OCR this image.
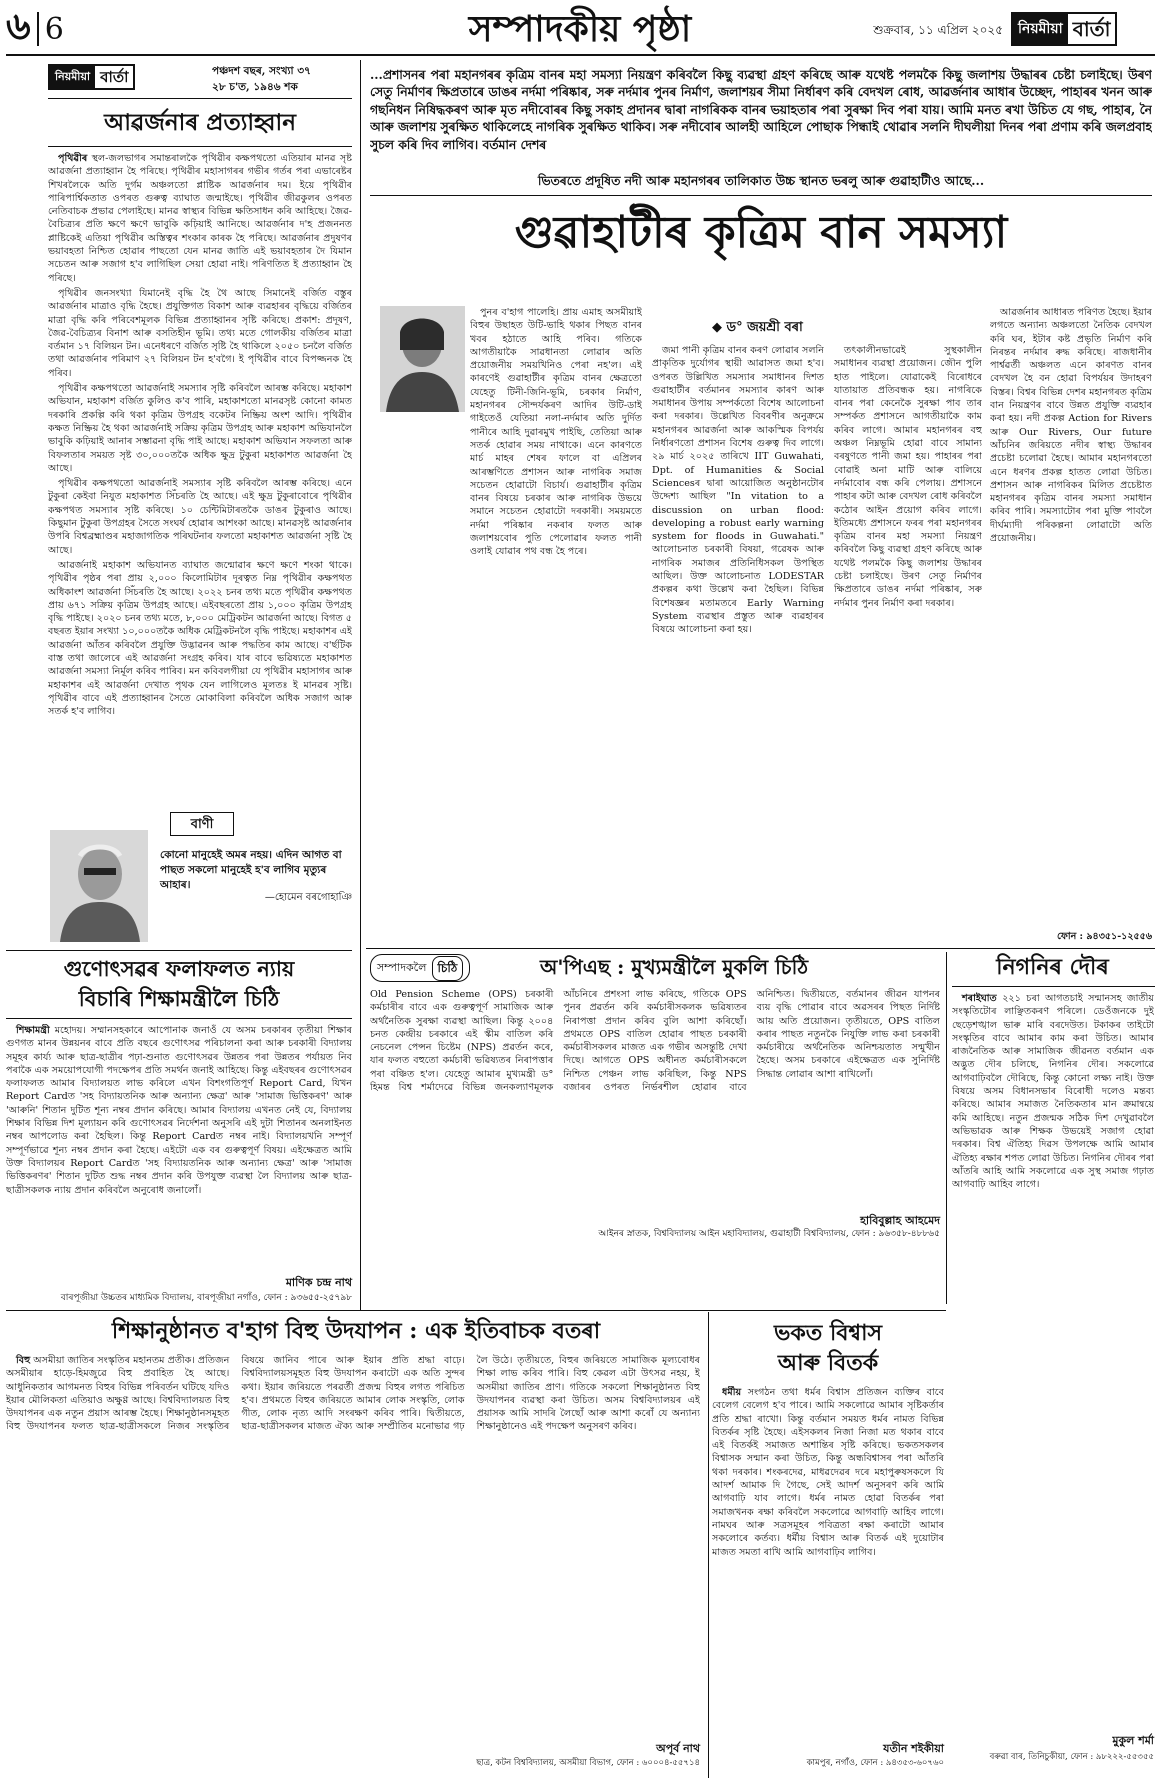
৬ 6	সম্পাদকীয় পৃষ্ঠা	শুক্ৰবাৰ, ১১ এপ্ৰিল ২০২৫	নিয়মীয়া বাৰ্তা
নিয়মীয়া বাৰ্তা	পঞ্চদশ বছৰ, সংখ্যা ৩৭
২৮ চ'ত, ১৯৪৬ শক
আৱৰ্জনাৰ প্ৰত্যাহ্বান

পৃথিৱীৰ স্থল-জলভাগৰ সমান্তৰালকৈ পৃথিৱীৰ কক্ষপথতো এতিয়াৰ মানৱ সৃষ্ট আৱৰ্জনা প্ৰত্যাহ্বান হৈ পৰিছে। পৃথিৱীৰ মহাসাগৰৰ গভীৰ গৰ্তৰ পৰা এভাৰেষ্টৰ শিখৰলৈকে অতি দুৰ্গম অঞ্চলতো প্লাষ্টিক আৱৰ্জনাৰ দম। ইয়ে পৃথিৱীৰ পাৰিপাৰ্শ্বিকতাত ওপৰত গুৰুত্ব ব্যাঘাত জন্মাইছে। পৃথিৱীৰ জীৱকুলৰ ওপৰত নেতিবাচক প্ৰভাৱ পেলাইছে। মানৱ স্বাস্থ্যৰ বিভিন্ন ক্ষতিসাধন কৰি আহিছে। জৈৱ-বৈচিত্ৰ্যৰ প্ৰতি ক্ষণে ক্ষণে ভাবুকি কঢ়িয়াই আনিছে। আৱৰ্জনাৰ দ'হ প্ৰজননত প্লাষ্টিকেই এতিয়া পৃথিৱীৰ অস্তিত্বৰ শংকাৰ কাৰক হৈ পৰিছে। আৱৰ্জনাৰ প্ৰদুষণৰ ভয়াবহতা নিশ্চিত হোৱাৰ পাছতো যেন মানৱ জাতি এই ভয়াবহতাৰ দৈ যিমান সচেতন আৰু সজাগ হ'ব লাগিছিল সেয়া হোৱা নাই। পৰিণতিত ই প্ৰত্যাহ্বান হৈ পৰিছে।

পৃথিৱীৰ জনসংখ্যা যিমানেই বৃদ্ধি হৈ থৈ আছে সিমানেই বৰ্জিত বস্তুৰ আৱৰ্জনাৰ মাত্ৰাও বৃদ্ধি হৈছে। প্ৰযুক্তিগত বিকাশ আৰু ব্যৱহাৰৰ বৃদ্ধিয়ে বৰ্জিতৰ মাত্ৰা বৃদ্ধি কৰি পৰিবেশমূলক বিভিন্ন প্ৰত্যাহ্বানৰ সৃষ্টি কৰিছে। প্ৰকাশ: প্ৰদূষণ, জৈৱ-বৈচিত্ৰ্যৰ বিনাশ আৰু বসতিহীন ভূমি। তথ্য মতে গোলকীয় বৰ্জিতৰ মাত্ৰা বৰ্তমান ১৭ বিলিয়ন টন। এনেধৰণে বৰ্জিত সৃষ্টি হৈ থাকিলে ২০৫০ চনলৈ বৰ্জিত তথা আৱৰ্জনাৰ পৰিমাণ ২৭ বিলিয়ন টন হ'বগৈ। ই পৃথিৱীৰ বাবে বিপজ্জনক হৈ পৰিব।

পৃথিৱীৰ কক্ষপথতো আৱৰ্জনাই সমস্যাৰ সৃষ্টি কৰিবলৈ আৰম্ভ কৰিছে। মহাকাশ অভিযান, মহাকাশ বৰ্জিত কুলিও ক'ব পাৰি, মহাকাশতো মানৱসৃষ্ট কোনো কামত দৰকাৰি প্ৰকল্পি কৰি থকা কৃত্ৰিম উপগ্ৰহ বকেটৰ নিষ্ক্ৰিয় অংশ আদি। পৃথিৱীৰ কক্ষত নিষ্ক্ৰিয় হৈ থকা আৱৰ্জনাই সক্ৰিয় কৃত্ৰিম উপগ্ৰহ আৰু মহাকাশ অভিযানলৈ ভাবুকি কঢ়িয়াই আনাৰ সম্ভাৱনা বৃদ্ধি পাই আছে। মহাকাশ অভিযান সফলতা আৰু বিফলতাৰ সময়ত সৃষ্ট ৩০,০০০তকৈ অধিক ক্ষুদ্ৰ টুকুৰা মহাকাশত আৱৰ্জনা হৈ আছে।

পৃথিৱীৰ কক্ষপথতো আৱৰ্জনাই সমস্যাৰ সৃষ্টি কৰিবলৈ আৰম্ভ কৰিছে। এনে টুকুৰা কেইবা নিযুত মহাকাশত সিঁচৰতি হৈ আছে। এই ক্ষুদ্ৰ টুকুৰাবোৰে পৃথিৱীৰ কক্ষপথত সমস্যাৰ সৃষ্টি কৰিছে। ১০ চেন্টিমিটাৰতকৈ ডাঙৰ টুকুৰাও আছে। কিছুমান টুকুৰা উপগ্ৰহৰ সৈতে সংঘৰ্ষ হোৱাৰ আশংকা আছে। মানৱসৃষ্ট আৱৰ্জনাৰ উপৰি বিশ্বব্ৰহ্মাণ্ডৰ মহাজাগতিক পৰিঘটনাৰ ফলতো মহাকাশত আৱৰ্জনা সৃষ্টি হৈ আছে।

আৱৰ্জনাই মহাকাশ অভিযানত ব্যাঘাত জন্মোৱাৰ ক্ষণে ক্ষণে শংকা থাকে। পৃথিৱীৰ পৃষ্ঠৰ পৰা প্ৰায় ২,০০০ কিলোমিটাৰ দূৰত্বত নিম্ন পৃথিৱীৰ কক্ষপথত অধিকাংশ আৱৰ্জনা সিঁচৰতি হৈ আছে। ২০২২ চনৰ তথ্য মতে পৃথিৱীৰ কক্ষপথত প্ৰায় ৬৭১ সক্ৰিয় কৃত্ৰিম উপগ্ৰহ আছে। এইবছৰতো প্ৰায় ১,০০০ কৃত্ৰিম উপগ্ৰহ বৃদ্ধি পাইছে। ২০২০ চনৰ তথ্য মতে, ৮,০০০ মেট্ৰিকটন আৱৰ্জনা আছে। বিগত ৫ বছৰত ইয়াৰ সংখ্যা ১০,০০০তকৈ অধিক মেট্ৰিকটনলৈ বৃদ্ধি পাইছে। মহাকাশৰ এই আৱৰ্জনা আঁতৰ কৰিবলৈ প্ৰযুক্তি উদ্ভাৱনৰ আৰু পদ্ধতিৰ কাম আছে। ব'ৰ্ছটিক বাস্ত তথা জালেৰে এই আৱৰ্জনা সংগ্ৰহ কৰিব। যাৰ বাবে ভৱিষ্যতে মহাকাশত আৱৰ্জনা সমস্যা নিৰ্মূল কৰিব পাৰিব। মন কবিবলগীয়া যে পৃথিৱীৰ মহাসাগৰ আৰু মহাকাশৰ এই আৱৰ্জনা দেখাত পৃথক যেন লাগিলেও মূলতঃ ই মানৱৰ সৃষ্টি। পৃথিৱীৰ বাবে এই প্ৰত্যাহ্বানৰ সৈতে মোকাবিলা কৰিবলৈ অধিক সজাগ আৰু সতৰ্ক হ'ব লাগিব।

বাণী
কোনো মানুহেই অমৰ নহয়। এদিন আগত বা পাছত সকলো মানুহেই হ'ব লাগিব মৃত্যুৰ আহাৰ।
—হোমেন বৰগোহাঞি
গুণোৎসৱৰ ফলাফলত ন্যায়
বিচাৰি শিক্ষামন্ত্ৰীলৈ চিঠি

শিক্ষামন্ত্ৰী মহোদয়। সম্মানসহকাৰে আপোনাক জনাওঁ যে অসম চৰকাৰৰ তৃতীয়া শিক্ষাৰ গুণগত মানৰ উন্নয়নৰ বাবে প্ৰতি বছৰে গুণোৎসৱ পৰিচালনা কৰা আৰু চৰকাৰী বিদ্যালয় সমূহৰ কাৰ্য্য আৰু ছাত্ৰ-ছাত্ৰীৰ পঢ়া-শুনাত গুণোৎসৱৰ উন্নতৰ পৰা উন্নতৰ পৰ্যায়ত নিব পৰাকৈ এক সময়োপযোগী পদক্ষেপৰ প্ৰতি সমৰ্থন জনাই আহিছে। কিন্তু এইবছৰৰ গুণোৎসৱৰ ফলাফলত আমাৰ বিদ্যালয়ত লাভ কৰিলে এখন বিশংগতিপূৰ্ণ Report Card, যিখন Report Cardত 'সহ বিদ্যায়তনিক আৰু অন্যান্য ক্ষেত্ৰ' আৰু 'সামাজ ভিত্তিকৰণ' আৰু 'আৰুনি' শিতান দুটিত শূন্য নম্বৰ প্ৰদান কৰিছে। আমাৰ বিদ্যালয় এখনত নেই যে, বিদ্যালয় শিক্ষাৰ বিভিন্ন দিশ মূল্যায়ন কৰি গুণোৎসৱৰ নিৰ্দেশনা অনুসৰি এই দুটা শিতানৰ অনলাইনত নম্বৰ আপলোড কৰা হৈছিল। কিন্তু Report Cardত নম্বৰ নাই। বিদ্যালয়খনি সম্পূৰ্ণ সম্পূৰ্ণভাৱে শূন্য নম্বৰ প্ৰদান কৰা হৈছে। এইটো এক বৰ গুৰুত্বপূৰ্ণ বিষয়। এইক্ষেত্ৰত আমি উক্ত বিদ্যালয়ৰ Report Cardত 'সহ বিদ্যায়তনিক আৰু অন্যান্য ক্ষেত্ৰ' আৰু 'সামাজ ভিত্তিকৰণৰ' শিতান দুটিত শুদ্ধ নম্বৰ প্ৰদান কৰি উপযুক্ত ব্যৱস্থা লৈ বিদ্যালয় আৰু ছাত্ৰ-ছাত্ৰীসকলক ন্যায় প্ৰদান কৰিবলৈ অনুৰোধ জনালোঁ।

মাণিক চন্দ্ৰ নাথ
বাৰপূজীয়া উচ্চতৰ মাধ্যমিক বিদ্যালয়, বাৰপূজীয়া নগাঁও, ফোন : ৯৩৬৫৫-২৫৭৯৮
...প্ৰশাসনৰ পৰা মহানগৰৰ কৃত্ৰিম বানৰ মহা সমস্যা নিয়ন্ত্ৰণ কৰিবলৈ কিছু ব্যৱস্থা গ্ৰহণ কৰিছে আৰু যথেষ্ট পলমকৈ কিছু জলাশয় উদ্ধাৰৰ চেষ্টা চলাইছে। উৰণ সেতু নিৰ্মাণৰ ক্ষিপ্ৰতাৰে ডাঙৰ নৰ্দমা পৰিষ্কাৰ, সৰু নৰ্দমাৰ পুনৰ নিৰ্মাণ, জলাশয়ৰ সীমা নিৰ্ধাৰণ কৰি বেদখল ৰোধ, আৱৰ্জনাৰ আধাৰ উচ্ছেদ, পাহাৰৰ খনন আৰু গছনিধন নিষিদ্ধকৰণ আৰু মৃত নদীবোৰৰ কিছু সকাহ প্ৰদানৰ দ্বাৰা নাগৰিকক বানৰ ভয়াহতাৰ পৰা সুৰক্ষা দিব পৰা যায়। আমি মনত ৰখা উচিত যে গছ, পাহাৰ, নৈ আৰু জলাশয় সুৰক্ষিত থাকিলেহে নাগৰিক সুৰক্ষিত থাকিব। সৰু নদীবোৰ আলহী আহিলে পোছাক পিন্ধাই থোৱাৰ সলনি দীঘলীয়া দিনৰ পৰা প্ৰণাম কৰি জলপ্ৰবাহ সুচল কৰি দিব লাগিব। বৰ্তমান দেশৰ
ভিতৰতে প্ৰদূষিত নদী আৰু মহানগৰৰ তালিকাত উচ্চ স্থানত ভৰলু আৰু গুৱাহাটীও আছে...
গুৱাহাটীৰ কৃত্ৰিম বান সমস্যা
◆ ড° জয়শ্ৰী বৰা

পুনৰ ব'হাগ পালেহি। প্ৰায় এমাহ অসমীয়াই বিহুৰ উছাহত উটি-ভাহি থকাৰ পিছত বানৰ খবৰ হঠাতে আহি পৰিব। গতিকে আগতীয়াকৈ সাৱধানতা লোৱাৰ অতি প্ৰয়োজনীয় সময়খিনিও পেৰা নহ'ল। এই কাৰণেই গুৱাহাটীৰ কৃত্ৰিম বানৰ ক্ষেত্ৰতো যেহেতু টিনী-জিনি-ভূমি, চৰকাৰ নিৰ্মাণ, মহানগৰৰ সৌন্দৰ্যকৰণ আদিৰ উটি-ডাই গাইতেওঁ যেতিয়া নলা-নৰ্দমাৰ অতি দুৰ্দিত পানীৰে আহি দুৱাৰমুখ পাইছি, তেতিয়া আৰু সতৰ্ক হোৱাৰ সময় নাথাকে। এনে কাৰণতে মাৰ্চ মাহৰ শেষৰ ফালে বা এপ্ৰিলৰ আৰম্ভণিতে প্ৰশাসন আৰু নাগৰিক সমাজ সচেতন হোৱাটো বিচাৰ্য। গুৱাহাটীৰ কৃত্ৰিম বানৰ বিষয়ে চৰকাৰ আৰু নাগৰিক উভয়ে সমানে সচেতন হোৱাটো দৰকাৰী। সময়মতে নৰ্দমা পৰিষ্কাৰ নকৰাৰ ফলত আৰু জলাশয়বোৰ পুতি পেলোৱাৰ ফলত পানী ওলাই যোৱাৰ পথ বন্ধ হৈ পৰে।

জমা পানী কৃত্ৰিম বানৰ কৰণ লোৱাৰ সলনি প্ৰাকৃতিক দুৰ্যোগৰ স্থায়ী আৱাসত জমা হ'ব। ওপৰত উল্লিখিত সমস্যাৰ সমাধানৰ দিশত গুৱাহাটীৰ বৰ্তমানৰ সমস্যাৰ কাৰণ আৰু সমাধানৰ উপায় সম্পৰ্কতো বিশেষ আলোচনা কৰা দৰকাৰ। উল্লেখিত বিবৰণীৰ অনুক্ৰমে মহানগৰৰ আৱৰ্জনা আৰু আকস্মিক বিপৰ্যয় নিৰ্ধাৰণতো প্ৰশাসন বিশেষ গুৰুত্ব দিব লাগে। ২৯ মাৰ্চ ২০২৫ তাৰিখে IIT Guwahati, Dpt. of Humanities & Social Sciencesৰ দ্বাৰা আয়োজিত অনুষ্ঠানটোৰ উদ্দেশ্য আছিল "In vitation to a discussion on urban flood: developing a robust early warning system for floods in Guwahati." আলোচনাত চৰকাৰী বিষয়া, গৱেষক আৰু নাগৰিক সমাজৰ প্ৰতিনিধিসকল উপস্থিত আছিল। উক্ত আলোচনাত LODESTAR প্ৰকল্পৰ কথা উল্লেখ কৰা হৈছিল। বিভিন্ন বিশেষজ্ঞৰ মতামতৰে Early Warning System ব্যৱস্থাৰ প্ৰস্তুত আৰু ব্যৱহাৰৰ বিষয়ে আলোচনা কৰা হয়।

তৎকালীনভাৱেই সুস্থকালীন সমাধানৰ ব্যৱস্থা প্ৰয়োজন। জৌন পুলি হাত পাইলে। যোৱাকেই বিৰোধৰে যাতায়াত প্ৰতিবন্ধক হয়। নাগৰিকে বানৰ পৰা কেনেকৈ সুৰক্ষা পাব তাৰ সম্পৰ্কত প্ৰশাসনে আগতীয়াকৈ কাম কৰিব লাগে। আমাৰ মহানগৰৰ বহু অঞ্চল নিম্নভূমি হোৱা বাবে সামান্য বৰষুণতে পানী জমা হয়। পাহাৰৰ পৰা বোৱাই অনা মাটি আৰু বালিয়ে নৰ্দমাবোৰ বন্ধ কৰি পেলায়। প্ৰশাসনে পাহাৰ কটা আৰু বেদখল ৰোধ কৰিবলৈ কঠোৰ আইন প্ৰয়োগ কৰিব লাগে। ইতিমধ্যে প্ৰশাসনে ফৰৰ পৰা মহানগৰৰ কৃত্ৰিম বানৰ মহা সমস্যা নিয়ন্ত্ৰণ কৰিবলৈ কিছু ব্যৱস্থা গ্ৰহণ কৰিছে আৰু যথেষ্ট পলমকৈ কিছু জলাশয় উদ্ধাৰৰ চেষ্টা চলাইছে। উৰণ সেতু নিৰ্মাণৰ ক্ষিপ্ৰতাৰে ডাঙৰ নৰ্দমা পৰিষ্কাৰ, সৰু নৰ্দমাৰ পুনৰ নিৰ্মাণ কৰা দৰকাৰ।

আৱৰ্জনাৰ আধাৰত পৰিণত হৈছে। ইয়াৰ লগতে অন্যান্য অঞ্চলতো নৈতিক বেদখল কৰি ঘৰ, ইটাৰ কষ্ট প্ৰভৃতি নিৰ্মাণ কৰি নিৰন্তৰ নৰ্দমাৰ ৰুদ্ধ কৰিছে। ৰাজধানীৰ পাৰ্শ্বৱৰ্তী অঞ্চলত এনে কাৰণত বানৰ বেদখল হৈ বন হোৱা বিপৰ্যয়ৰ উদাহৰণ বিস্তৰ। বিশ্বৰ বিভিন্ন দেশৰ মহানগৰত কৃত্ৰিম বান নিয়ন্ত্ৰণৰ বাবে উন্নত প্ৰযুক্তি ব্যৱহাৰ কৰা হয়। নদী প্ৰকল্প Action for Rivers আৰু Our Rivers, Our future আঁচনিৰ জৰিয়তে নদীৰ স্বাস্থ্য উদ্ধাৰৰ প্ৰচেষ্টা চলোৱা হৈছে। আমাৰ মহানগৰতো এনে ধৰণৰ প্ৰকল্প হাতত লোৱা উচিত। প্ৰশাসন আৰু নাগৰিকৰ মিলিত প্ৰচেষ্টাত মহানগৰৰ কৃত্ৰিম বানৰ সমস্যা সমাধান কৰিব পাৰি। সমস্যাটোৰ পৰা মুক্তি পাবলৈ দীৰ্ঘম্যাদী পৰিকল্পনা লোৱাটো অতি প্ৰয়োজনীয়।

ফোন : ৯৪৩৫১-১২৫৫৬
সম্পাদকলৈ চিঠি	অ'পিএছ : মুখ্যমন্ত্ৰীলৈ মুকলি চিঠি
Old Pension Scheme (OPS) চৰকাৰী কৰ্মচাৰীৰ বাবে এক গুৰুত্বপূৰ্ণ সামাজিক আৰু অৰ্থনৈতিক সুৰক্ষা ব্যৱস্থা আছিল। কিন্তু ২০০৪ চনত কেন্দ্ৰীয় চৰকাৰে এই স্কীম বাতিল কৰি নেচনেল পেন্সন চিষ্টেম (NPS) প্ৰৱৰ্তন কৰে, যাৰ ফলত বহুতো কৰ্মচাৰী ভৱিষ্যতৰ নিৰাপত্তাৰ পৰা বঞ্চিত হ'ল। যেহেতু আমাৰ মুখ্যমন্ত্ৰী ড° হিমন্ত বিশ্ব শৰ্মাদেৱে বিভিন্ন জনকল্যাণমূলক আঁচনিৰে প্ৰশংসা লাভ কৰিছে, গতিকে OPS পুনৰ প্ৰৱৰ্তন কৰি কৰ্মচাৰীসকলক ভৱিষ্যতৰ নিৰাপত্তা প্ৰদান কৰিব বুলি আশা কৰিছোঁ। প্ৰথমতে OPS বাতিল হোৱাৰ পাছত চৰকাৰী কৰ্মচাৰীসকলৰ মাজত এক গভীৰ অসন্তুষ্টি দেখা দিছে। আগতে OPS অধীনত কৰ্মচাৰীসকলে নিশ্চিত পেঞ্চন লাভ কৰিছিল, কিন্তু NPS বজাৰৰ ওপৰত নিৰ্ভৰশীল হোৱাৰ বাবে অনিশ্চিত। দ্বিতীয়তে, বৰ্তমানৰ জীৱন যাপনৰ ব্যয় বৃদ্ধি পোৱাৰ বাবে অৱসৰৰ পিছত নিৰ্দিষ্ট আয় অতি প্ৰয়োজন। তৃতীয়তে, OPS বাতিল কৰাৰ পাছত নতুনকৈ নিযুক্তি লাভ কৰা চৰকাৰী কৰ্মচাৰীয়ে অৰ্থনৈতিক অনিশ্চয়তাত সন্মুখীন হৈছে। অসম চৰকাৰে এইক্ষেত্ৰত এক সুনিৰ্দিষ্ট সিদ্ধান্ত লোৱাৰ আশা ৰাখিলোঁ।
হাবিবুল্লাহ আহমেদ
আইনৰ স্নাতক, বিশ্ববিদ্যালয় আইন মহাবিদ্যালয়, গুৱাহাটী বিশ্ববিদ্যালয়, ফোন : ৯৬৩৫৮-৪৮৮৬৫
নিগনিৰ দৌৰ

শৰাইঘাত ২২১ চৰা আগতচাই সন্মানসহ জাতীয় সংস্কৃতিটোৰ লাঞ্ছিতকৰণ পৰিলে। ডেওঁজনকে দুই ছেড়েশঙ্খাল ভাৰু মাৰি বৰদেউত। টকাকৰ তাইটো সংস্কৃতিৰ বাবে আমাৰ কাম কৰা উচিত। আমাৰ ৰাজনৈতিক আৰু সামাজিক জীৱনত বৰ্তমান এক অদ্ভুত দৌৰ চলিছে, নিগনিৰ দৌৰ। সকলোৱে আগবাঢ়িবলৈ দৌৰিছে, কিন্তু কোনো লক্ষ্য নাই। উক্ত বিষয়ে অসম বিধানসভাৰ বিৰোধী দলেও মন্তব্য কৰিছে। আমাৰ সমাজত নৈতিকতাৰ মান ক্ৰমান্বয়ে কমি আহিছে। নতুন প্ৰজন্মক সঠিক দিশ দেখুৱাবলৈ অভিভাৱক আৰু শিক্ষক উভয়েই সজাগ হোৱা দৰকাৰ। বিশ্ব ঐতিহ্য দিৱস উপলক্ষে আমি আমাৰ ঐতিহ্য ৰক্ষাৰ শপত লোৱা উচিত। নিগনিৰ দৌৰৰ পৰা আঁতৰি আহি আমি সকলোৱে এক সুস্থ সমাজ গঢ়াত আগবাঢ়ি আহিব লাগে।

মুকুল শৰ্মা
বৰুৱা বাৰ, তিনিচুকীয়া, ফোন : ৯৮২২২-৫৫৩৫৫
শিক্ষানুষ্ঠানত ব'হাগ বিহু উদযাপন : এক ইতিবাচক বতৰা

বিহু অসমীয়া জাতিৰ সংস্কৃতিৰ মহানতম প্ৰতীক। প্ৰতিজন অসমীয়াৰ হাড়ে-হিমজুৱে বিহু প্ৰবাহিত হৈ আছে। আধুনিকতাৰ আগমনত বিহুৰ বিভিন্ন পৰিবৰ্তন ঘটিছে যদিও ইয়াৰ মৌলিকতা এতিয়াও অক্ষুণ্ণ আছে। বিশ্ববিদ্যালয়ত বিহু উদযাপনৰ এক নতুন প্ৰয়াস আৰম্ভ হৈছে। শিক্ষানুষ্ঠানসমূহত বিহু উদযাপনৰ ফলত ছাত্ৰ-ছাত্ৰীসকলে নিজৰ সংস্কৃতিৰ বিষয়ে জানিব পাৰে আৰু ইয়াৰ প্ৰতি শ্ৰদ্ধা বাঢ়ে। বিশ্ববিদ্যালয়সমূহত বিহু উদযাপন কৰাটো এক অতি সুন্দৰ কথা। ইয়াৰ জৰিয়তে পৰৱৰ্তী প্ৰজন্ম বিহুৰ লগত পৰিচিত হ'ব। প্ৰথমতে বিহুৰ জৰিয়তে আমাৰ লোক সংস্কৃতি, লোক গীত, লোক নৃত্য আদি সংৰক্ষণ কৰিব পাৰি। দ্বিতীয়তে, ছাত্ৰ-ছাত্ৰীসকলৰ মাজত ঐক্য আৰু সম্প্ৰীতিৰ মনোভাৱ গঢ় লৈ উঠে। তৃতীয়তে, বিহুৰ জৰিয়তে সামাজিক মূল্যবোধৰ শিক্ষা লাভ কৰিব পাৰি। বিহু কেৱল এটা উৎসৱ নহয়, ই অসমীয়া জাতিৰ প্ৰাণ। গতিকে সকলো শিক্ষানুষ্ঠানত বিহু উদযাপনৰ ব্যৱস্থা কৰা উচিত। অসম বিশ্ববিদ্যালয়ৰ এই প্ৰয়াসক আমি সাদৰি লৈছোঁ আৰু আশা কৰোঁ যে অন্যান্য শিক্ষানুষ্ঠানেও এই পদক্ষেপ অনুসৰণ কৰিব।

অপূৰ্ব নাথ
ছাত্ৰ, কটন বিশ্ববিদ্যালয়, অসমীয়া বিভাগ, ফোন : ৬০০০৪-৫৫৭১৪
ভকত বিশ্বাস
আৰু বিতৰ্ক

ধৰ্মীয় সংগঠন তথা ধৰ্মৰ বিশ্বাস প্ৰতিজন ব্যক্তিৰ বাবে বেলেগ বেলেগ হ'ব পাৰে। আমি সকলোৱে আমাৰ সৃষ্টিকৰ্তাৰ প্ৰতি শ্ৰদ্ধা ৰাখো। কিন্তু বৰ্তমান সময়ত ধৰ্মৰ নামত বিভিন্ন বিতৰ্কৰ সৃষ্টি হৈছে। এইসকলৰ নিজা নিজা মত থকাৰ বাবে এই বিতৰ্কই সমাজত অশান্তিৰ সৃষ্টি কৰিছে। ভকতসকলৰ বিশ্বাসক সন্মান কৰা উচিত, কিন্তু অন্ধবিশ্বাসৰ পৰা আঁতৰি থকা দৰকাৰ। শংকৰদেৱ, মাধৱদেৱৰ দৰে মহাপুৰুষসকলে যি আদৰ্শ আমাক দি গৈছে, সেই আদৰ্শ অনুসৰণ কৰি আমি আগবাঢ়ি যাব লাগে। ধৰ্মৰ নামত হোৱা বিতৰ্কৰ পৰা সমাজখনক ৰক্ষা কৰিবলৈ সকলোৱে আগবাঢ়ি আহিব লাগে। নামঘৰ আৰু সত্ৰসমূহৰ পবিত্ৰতা ৰক্ষা কৰাটো আমাৰ সকলোৰে কৰ্তব্য। ধৰ্মীয় বিশ্বাস আৰু বিতৰ্ক এই দুয়োটাৰ মাজত সমতা ৰাখি আমি আগবাঢ়িব লাগিব।

যতীন শইকীয়া
কামপুৰ, নগাঁও, ফোন : ৯৪৩৫৩-৬০৭৬০
